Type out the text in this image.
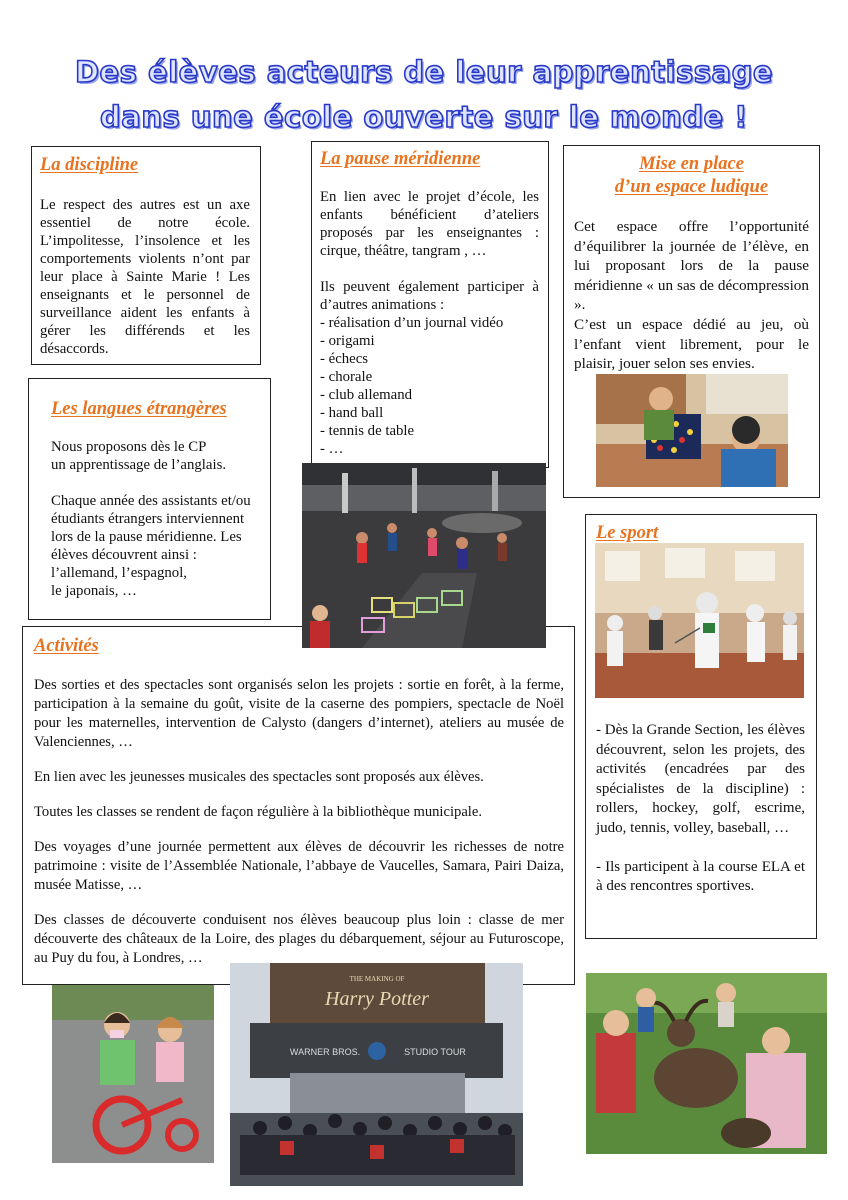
Des élèves acteurs de leur apprentissage
dans une école ouverte sur le monde !
La discipline

Le respect des autres est un axe essentiel de notre école. L’impolitesse, l’insolence et les comportements violents n’ont par leur place à Sainte Marie ! Les enseignants et le personnel de surveillance aident les enfants à gérer les différends et les désaccords.

La pause méridienne

En lien avec le projet d’école, les enfants bénéficient d’ateliers proposés par les enseignantes : cirque, théâtre, tangram , …

Ils peuvent également participer à d’autres animations :

- réalisation d’un journal vidéo
- origami
- échecs
- chorale
- club allemand
- hand ball
- tennis de table
- …
Mise en place
d’un espace ludique

Cet espace offre l’opportunité d’équilibrer la journée de l’élève, en lui proposant lors de la pause méridienne « un sas de décompression ».

C’est un espace dédié au jeu, où l’enfant vient librement, pour le plaisir, jouer selon ses envies.

Les langues étrangères
Nous proposons dès le CP
un apprentissage de l’anglais.
Chaque année des assistants et/ou
étudiants étrangers interviennent
lors de la pause méridienne. Les
élèves découvrent ainsi :
l’allemand, l’espagnol,
le japonais, …
Le sport

- Dès la Grande Section, les élèves découvrent, selon les projets, des activités (encadrées par des spécialistes de la discipline) : rollers, hockey, golf, escrime, judo, tennis, volley, baseball, …

- Ils participent à la course ELA et à des rencontres sportives.

Activités

Des sorties et des spectacles sont organisés selon les projets : sortie en forêt, à la ferme, participation à la semaine du goût, visite de la caserne des pompiers, spectacle de Noël pour les maternelles, intervention de Calysto (dangers d’internet), ateliers au musée de Valenciennes, …

En lien avec les jeunesses musicales des spectacles sont proposés aux élèves.

Toutes les classes se rendent de façon régulière à la bibliothèque municipale.

Des voyages d’une journée permettent aux élèves de découvrir les richesses de notre patrimoine : visite de l’Assemblée Nationale, l’abbaye de Vaucelles, Samara, Pairi Daiza, musée Matisse, …

Des classes de découverte conduisent nos élèves beaucoup plus loin : classe de mer découverte des châteaux de la Loire, des plages du débarquement, séjour au Futuroscope, au Puy du fou, à Londres, …

THE MAKING OF
Harry Potter
WARNER BROS.	STUDIO TOUR
